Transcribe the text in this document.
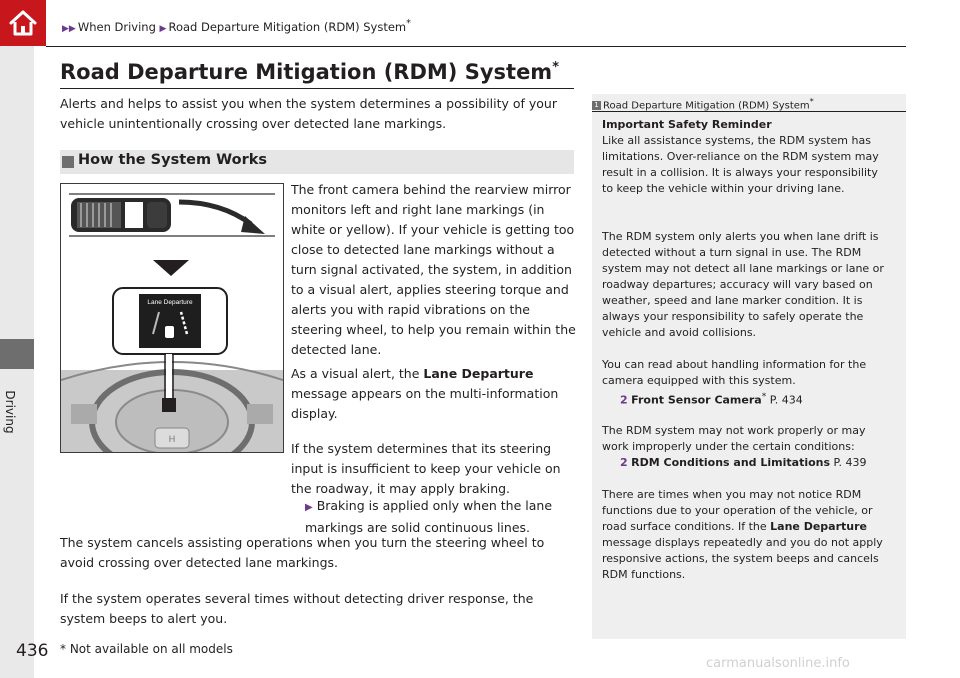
Driving
▶▶ When Driving ▶ Road Departure Mitigation (RDM) System*
Road Departure Mitigation (RDM) System*
Alerts and helps to assist you when the system determines a possibility of your vehicle unintentionally crossing over detected lane markings.
How the System Works
H
Lane Departure
The front camera behind the rearview mirror monitors left and right lane markings (in white or yellow). If your vehicle is getting too close to detected lane markings without a turn signal activated, the system, in addition to a visual alert, applies steering torque and alerts you with rapid vibrations on the steering wheel, to help you remain within the detected lane.
As a visual alert, the Lane Departure message appears on the multi-information display.
If the system determines that its steering input is insufficient to keep your vehicle on the roadway, it may apply braking.
▶ Braking is applied only when the lane markings are solid continuous lines.
The system cancels assisting operations when you turn the steering wheel to avoid crossing over detected lane markings.
If the system operates several times without detecting driver response, the system beeps to alert you.
436 * Not available on all models
1 Road Departure Mitigation (RDM) System*
Important Safety Reminder
Like all assistance systems, the RDM system has limitations. Over-reliance on the RDM system may result in a collision. It is always your responsibility to keep the vehicle within your driving lane.
The RDM system only alerts you when lane drift is detected without a turn signal in use. The RDM system may not detect all lane markings or lane or roadway departures; accuracy will vary based on weather, speed and lane marker condition. It is always your responsibility to safely operate the vehicle and avoid collisions.
You can read about handling information for the camera equipped with this system.
2 Front Sensor Camera* P. 434
The RDM system may not work properly or may work improperly under the certain conditions:
2 RDM Conditions and Limitations P. 439
There are times when you may not notice RDM functions due to your operation of the vehicle, or road surface conditions. If the Lane Departure message displays repeatedly and you do not apply responsive actions, the system beeps and cancels RDM functions.
carmanualsonline.info
